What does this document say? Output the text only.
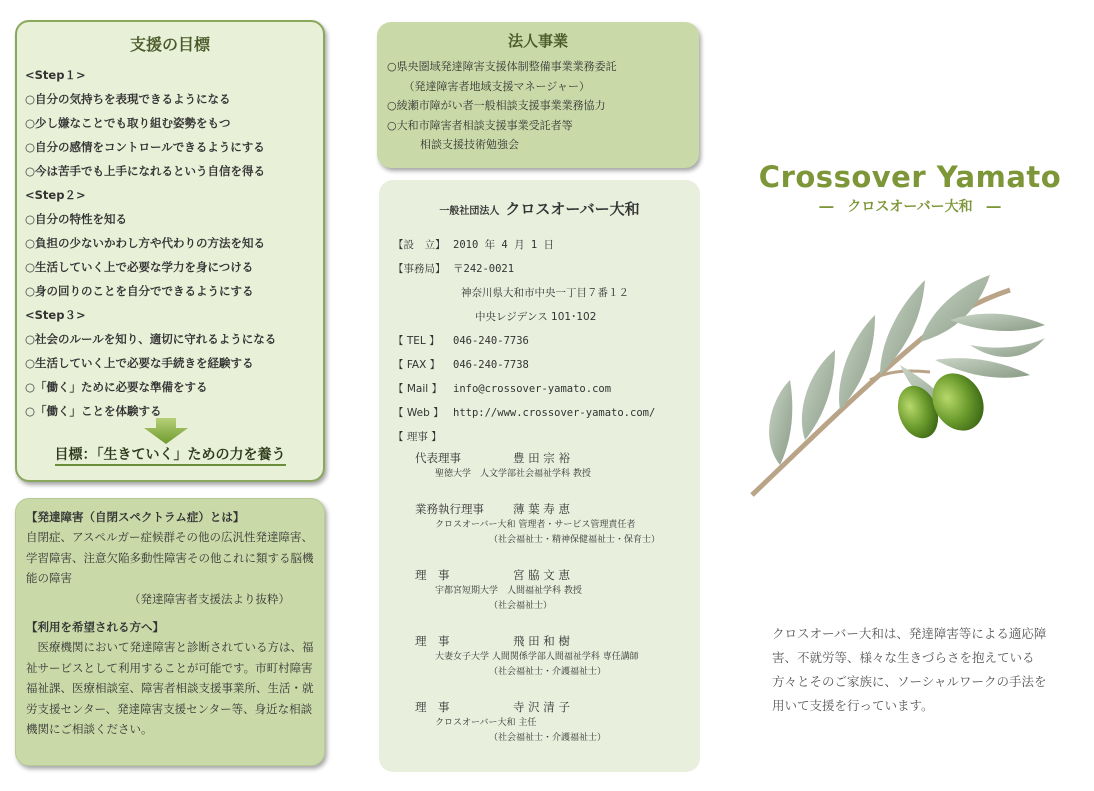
支援の目標
<Step１>
○自分の気持ちを表現できるようになる
○少し嫌なことでも取り組む姿勢をもつ
○自分の感情をコントロールできるようにする
○今は苦手でも上手になれるという自信を得る
<Step２>
○自分の特性を知る
○負担の少ないかわし方や代わりの方法を知る
○生活していく上で必要な学力を身につける
○身の回りのことを自分でできるようにする
<Step３>
○社会のルールを知り、適切に守れるようになる
○生活していく上で必要な手続きを経験する
○「働く」ために必要な準備をする
○「働く」ことを体験する
目標：「生きていく」ための力を養う
【発達障害（自閉スペクトラム症）とは】
自閉症、アスペルガー症候群その他の広汎性発達障害、学習障害、注意欠陥多動性障害その他これに類する脳機能の障害
（発達障害者支援法より抜粋）
【利用を希望される方へ】
　医療機関において発達障害と診断されている方は、福祉サービスとして利用することが可能です。市町村障害福祉課、医療相談室、障害者相談支援事業所、生活・就労支援センター、発達障害支援センター等、身近な相談機関にご相談ください。
法人事業
○県央圏域発達障害支援体制整備事業業務委託
　　（発達障害者地域支援マネージャー）
○綾瀬市障がい者一般相談支援事業業務協力
○大和市障害者相談支援事業受託者等
　　　相談支援技術勉強会
一般社団法人 クロスオーバー大和
【設　立】 2010 年 4 月 1 日
【事務局】 〒242-0021
神奈川県大和市中央一丁目７番１２
中央レジデンス 101･102
【 TEL 】 046-240-7736
【 FAX 】 046-240-7738
【 Mail 】 info@crossover-yamato.com
【 Web 】 http://www.crossover-yamato.com/
【 理事 】
代表理事	豊 田 宗 裕
聖徳大学　人文学部社会福祉学科 教授
業務執行理事	薄 葉 寿 恵
クロスオーバー大和 管理者・サービス管理責任者
（社会福祉士・精神保健福祉士・保育士）
理　事	宮 脇 文 恵
宇都宮短期大学　人間福祉学科 教授
（社会福祉士）
理　事	飛 田 和 樹
大妻女子大学 人間関係学部人間福祉学科 専任講師
（社会福祉士・介護福祉士）
理　事	寺 沢 清 子
クロスオーバー大和 主任
（社会福祉士・介護福祉士）
Crossover Yamato
―　クロスオーバー大和　―
クロスオーバー大和は、発達障害等による適応障害、不就労等、様々な生きづらさを抱えている方々とそのご家族に、ソーシャルワークの手法を用いて支援を行っています。
